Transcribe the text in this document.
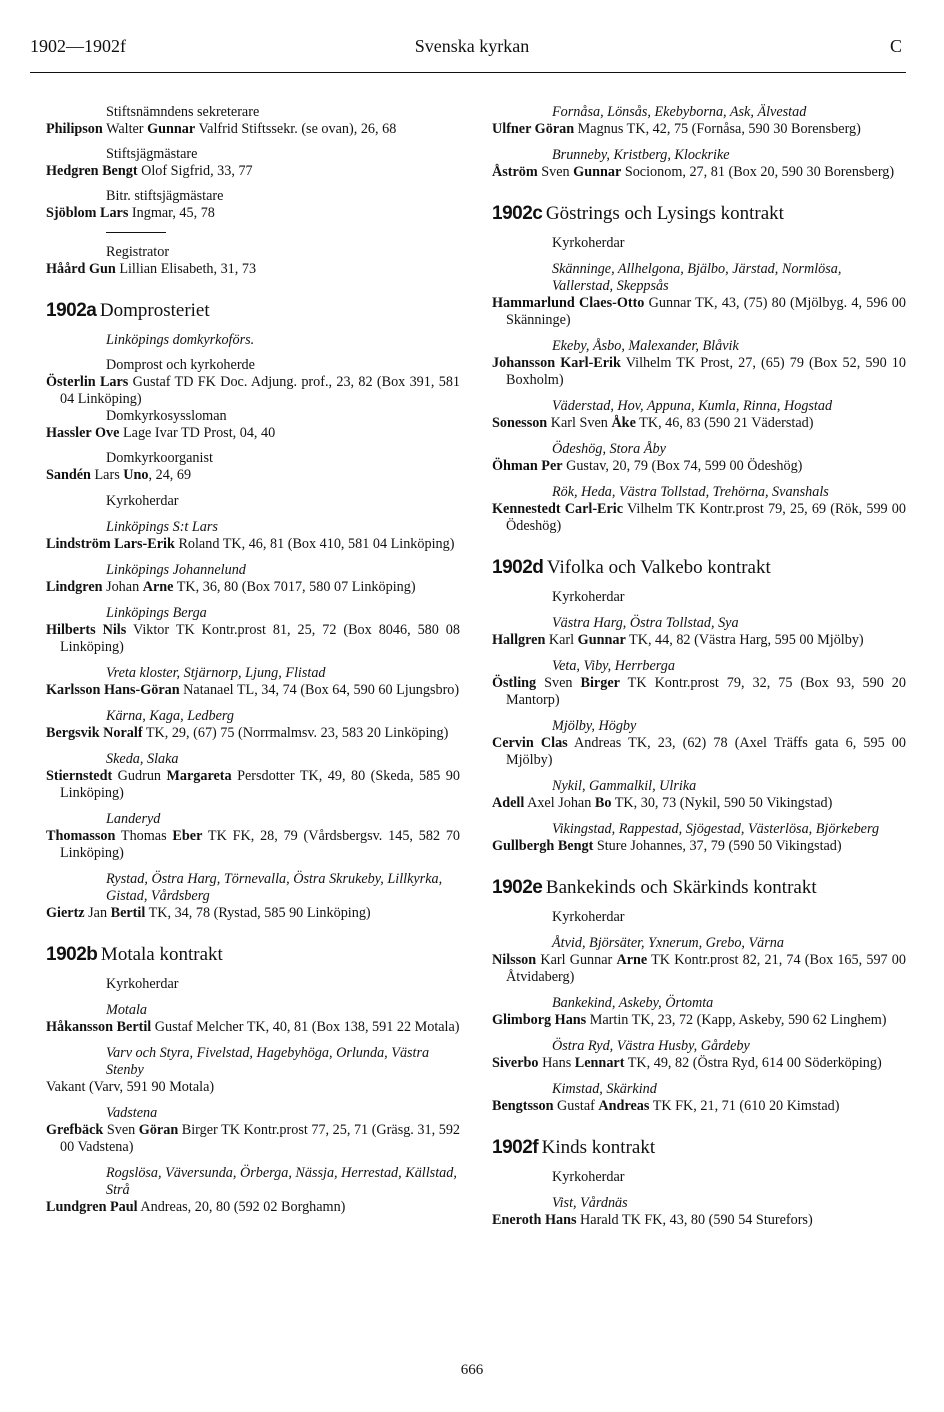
1902—1902f	Svenska kyrkan	C
Stiftsnämndens sekreterare
Philipson Walter Gunnar Valfrid Stiftssekr. (se ovan), 26, 68
Stiftsjägmästare
Hedgren Bengt Olof Sigfrid, 33, 77
Bitr. stiftsjägmästare
Sjöblom Lars Ingmar, 45, 78
Registrator
Håård Gun Lillian Elisabeth, 31, 73
1902a Domprosteriet
Linköpings domkyrkoförs.
Domprost och kyrkoherde
Österlin Lars Gustaf TD FK Doc. Adjung. prof., 23, 82 (Box 391, 581 04 Linköping)
Domkyrkosyssloman
Hassler Ove Lage Ivar TD Prost, 04, 40
Domkyrkoorganist
Sandén Lars Uno, 24, 69
Kyrkoherdar
Linköpings S:t Lars
Lindström Lars-Erik Roland TK, 46, 81 (Box 410, 581 04 Linköping)
Linköpings Johannelund
Lindgren Johan Arne TK, 36, 80 (Box 7017, 580 07 Linköping)
Linköpings Berga
Hilberts Nils Viktor TK Kontr.prost 81, 25, 72 (Box 8046, 580 08 Linköping)
Vreta kloster, Stjärnorp, Ljung, Flistad
Karlsson Hans-Göran Natanael TL, 34, 74 (Box 64, 590 60 Ljungsbro)
Kärna, Kaga, Ledberg
Bergsvik Noralf TK, 29, (67) 75 (Norrmalmsv. 23, 583 20 Linköping)
Skeda, Slaka
Stiernstedt Gudrun Margareta Persdotter TK, 49, 80 (Skeda, 585 90 Linköping)
Landeryd
Thomasson Thomas Eber TK FK, 28, 79 (Vårdsbergsv. 145, 582 70 Linköping)
Rystad, Östra Harg, Törnevalla, Östra Skrukeby, Lillkyrka, Gistad, Vårdsberg
Giertz Jan Bertil TK, 34, 78 (Rystad, 585 90 Linköping)
1902b Motala kontrakt
Kyrkoherdar
Motala
Håkansson Bertil Gustaf Melcher TK, 40, 81 (Box 138, 591 22 Motala)
Varv och Styra, Fivelstad, Hagebyhöga, Orlunda, Västra Stenby
Vakant (Varv, 591 90 Motala)
Vadstena
Grefbäck Sven Göran Birger TK Kontr.prost 77, 25, 71 (Gräsg. 31, 592 00 Vadstena)
Rogslösa, Väversunda, Örberga, Nässja, Herrestad, Källstad, Strå
Lundgren Paul Andreas, 20, 80 (592 02 Borghamn)
Fornåsa, Lönsås, Ekebyborna, Ask, Älvestad
Ulfner Göran Magnus TK, 42, 75 (Fornåsa, 590 30 Borensberg)
Brunneby, Kristberg, Klockrike
Åström Sven Gunnar Socionom, 27, 81 (Box 20, 590 30 Borensberg)
1902c Göstrings och Lysings kontrakt
Kyrkoherdar
Skänninge, Allhelgona, Bjälbo, Järstad, Normlösa, Vallerstad, Skeppsås
Hammarlund Claes-Otto Gunnar TK, 43, (75) 80 (Mjölbyg. 4, 596 00 Skänninge)
Ekeby, Åsbo, Malexander, Blåvik
Johansson Karl-Erik Vilhelm TK Prost, 27, (65) 79 (Box 52, 590 10 Boxholm)
Väderstad, Hov, Appuna, Kumla, Rinna, Hogstad
Sonesson Karl Sven Åke TK, 46, 83 (590 21 Väderstad)
Ödeshög, Stora Åby
Öhman Per Gustav, 20, 79 (Box 74, 599 00 Ödeshög)
Rök, Heda, Västra Tollstad, Trehörna, Svanshals
Kennestedt Carl-Eric Vilhelm TK Kontr.prost 79, 25, 69 (Rök, 599 00 Ödeshög)
1902d Vifolka och Valkebo kontrakt
Kyrkoherdar
Västra Harg, Östra Tollstad, Sya
Hallgren Karl Gunnar TK, 44, 82 (Västra Harg, 595 00 Mjölby)
Veta, Viby, Herrberga
Östling Sven Birger TK Kontr.prost 79, 32, 75 (Box 93, 590 20 Mantorp)
Mjölby, Högby
Cervin Clas Andreas TK, 23, (62) 78 (Axel Träffs gata 6, 595 00 Mjölby)
Nykil, Gammalkil, Ulrika
Adell Axel Johan Bo TK, 30, 73 (Nykil, 590 50 Vikingstad)
Vikingstad, Rappestad, Sjögestad, Västerlösa, Björkeberg
Gullbergh Bengt Sture Johannes, 37, 79 (590 50 Vikingstad)
1902e Bankekinds och Skärkinds kontrakt
Kyrkoherdar
Åtvid, Björsäter, Yxnerum, Grebo, Värna
Nilsson Karl Gunnar Arne TK Kontr.prost 82, 21, 74 (Box 165, 597 00 Åtvidaberg)
Bankekind, Askeby, Örtomta
Glimborg Hans Martin TK, 23, 72 (Kapp, Askeby, 590 62 Linghem)
Östra Ryd, Västra Husby, Gårdeby
Siverbo Hans Lennart TK, 49, 82 (Östra Ryd, 614 00 Söderköping)
Kimstad, Skärkind
Bengtsson Gustaf Andreas TK FK, 21, 71 (610 20 Kimstad)
1902f Kinds kontrakt
Kyrkoherdar
Vist, Vårdnäs
Eneroth Hans Harald TK FK, 43, 80 (590 54 Sturefors)
666
